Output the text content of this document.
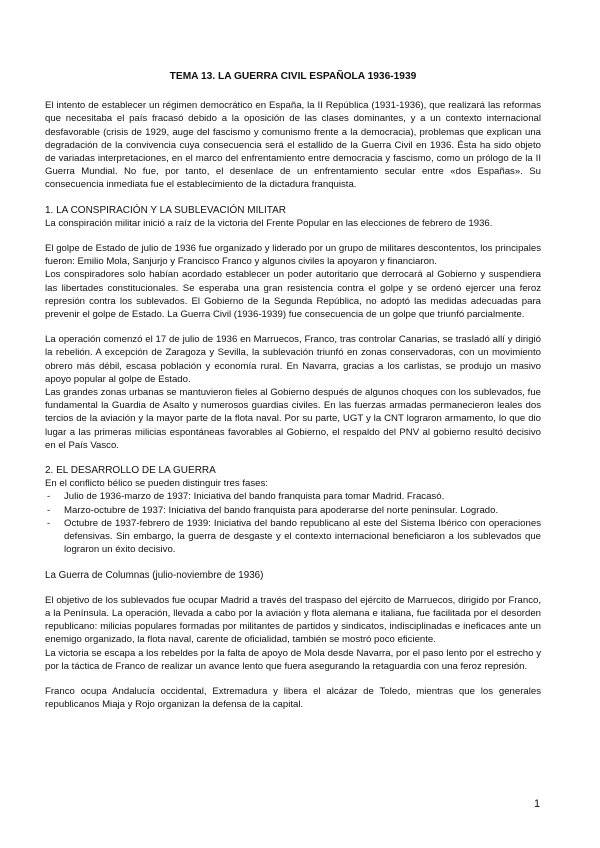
TEMA 13. LA GUERRA CIVIL ESPAÑOLA 1936-1939

El intento de establecer un régimen democrático en España, la II República (1931-1936), que realizará las reformas que necesitaba el país fracasó debido a la oposición de las clases dominantes, y a un contexto internacional desfavorable (crisis de 1929, auge del fascismo y comunismo frente a la democracia), problemas que explican una degradación de la convivencia cuya consecuencia será el estallido de la Guerra Civil en 1936. Ésta ha sido objeto de variadas interpretaciones, en el marco del enfrentamiento entre democracia y fascismo, como un prólogo de la II Guerra Mundial. No fue, por tanto, el desenlace de un enfrentamiento secular entre «dos Españas». Su consecuencia inmediata fue el establecimiento de la dictadura franquista.

1. LA CONSPIRACIÓN Y LA SUBLEVACIÓN MILITAR

La conspiración militar inició a raíz de la victoria del Frente Popular en las elecciones de febrero de 1936.

El golpe de Estado de julio de 1936 fue organizado y liderado por un grupo de militares descontentos, los principales fueron: Emilio Mola, Sanjurjo y Francisco Franco y algunos civiles la apoyaron y financiaron.

Los conspiradores solo habían acordado establecer un poder autoritario que derrocará al Gobierno y suspendiera las libertades constitucionales. Se esperaba una gran resistencia contra el golpe y se ordenó ejercer una feroz represión contra los sublevados. El Gobierno de la Segunda República, no adoptó las medidas adecuadas para prevenir el golpe de Estado. La Guerra Civil (1936-1939) fue consecuencia de un golpe que triunfó parcialmente.

La operación comenzó el 17 de julio de 1936 en Marruecos, Franco, tras controlar Canarias, se trasladó allí y dirigió la rebelión. A excepción de Zaragoza y Sevilla, la sublevación triunfó en zonas conservadoras, con un movimiento obrero más débil, escasa población y economía rural. En Navarra, gracias a los carlistas, se produjo un masivo apoyo popular al golpe de Estado.

Las grandes zonas urbanas se mantuvieron fieles al Gobierno después de algunos choques con los sublevados, fue fundamental la Guardia de Asalto y numerosos guardias civiles. En las fuerzas armadas permanecieron leales dos tercios de la aviación y la mayor parte de la flota naval. Por su parte, UGT y la CNT lograron armamento, lo que dio lugar a las primeras milicias espontáneas favorables al Gobierno, el respaldo del PNV al gobierno resultó decisivo en el País Vasco.

2. EL DESARROLLO DE LA GUERRA

En el conflicto bélico se pueden distinguir tres fases:

- Julio de 1936-marzo de 1937: Iniciativa del bando franquista para tomar Madrid. Fracasó.
- Marzo-octubre de 1937: Iniciativa del bando franquista para apoderarse del norte peninsular. Logrado.
- Octubre de 1937-febrero de 1939: Iniciativa del bando republicano al este del Sistema Ibérico con operaciones defensivas. Sin embargo, la guerra de desgaste y el contexto internacional beneficiaron a los sublevados que lograron un éxito decisivo.
La Guerra de Columnas (julio-noviembre de 1936)

El objetivo de los sublevados fue ocupar Madrid a través del traspaso del ejército de Marruecos, dirigido por Franco, a la Península. La operación, llevada a cabo por la aviación y flota alemana e italiana, fue facilitada por el desorden republicano: milicias populares formadas por militantes de partidos y sindicatos, indisciplinadas e ineficaces ante un enemigo organizado, la flota naval, carente de oficialidad, también se mostró poco eficiente.

La victoria se escapa a los rebeldes por la falta de apoyo de Mola desde Navarra, por el paso lento por el estrecho y por la táctica de Franco de realizar un avance lento que fuera asegurando la retaguardia con una feroz represión.

Franco ocupa Andalucía occidental, Extremadura y libera el alcázar de Toledo, mientras que los generales republicanos Miaja y Rojo organizan la defensa de la capital.

1
